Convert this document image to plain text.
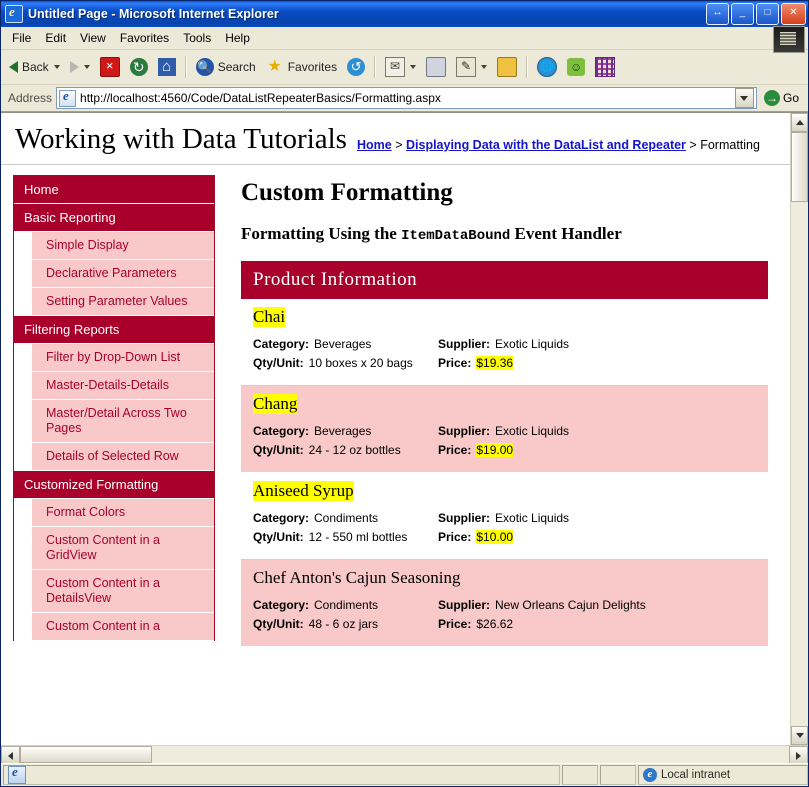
e
Untitled Page - Microsoft Internet Explorer	↔	_	□	✕
File	Edit	View	Favorites	Tools	Help
Back × ↻ ⌂ 🔍	Search ★ Favorites
↺
✉
✎
🌐
☺
Address e http://localhost:4560/Code/DataListRepeaterBasics/Formatting.aspx →	Go
Working with Data Tutorials Home > Displaying Data with the DataList and Repeater > Formatting
Home
Basic Reporting
Simple Display
Declarative Parameters
Setting Parameter Values
Filtering Reports
Filter by Drop-Down List
Master-Details-Details
Master/Detail Across Two Pages
Details of Selected Row
Customized Formatting
Format Colors
Custom Content in a GridView
Custom Content in a DetailsView
Custom Content in a
Custom Formatting
Formatting Using the ItemDataBound Event Handler
Product Information
Chai
Category: Beverages	Supplier: Exotic Liquids
Qty/Unit: 10 boxes x 20 bags Price: $19.36
Chang
Category: Beverages	Supplier: Exotic Liquids
Qty/Unit: 24 - 12 oz bottles	Price: $19.00
Aniseed Syrup
Category: Condiments	Supplier: Exotic Liquids
Qty/Unit: 12 - 550 ml bottles	Price: $10.00
Chef Anton's Cajun Seasoning
Category: Condiments	Supplier: New Orleans Cajun Delights
Qty/Unit: 48 - 6 oz jars	Price: $26.62
e
e
Local intranet
